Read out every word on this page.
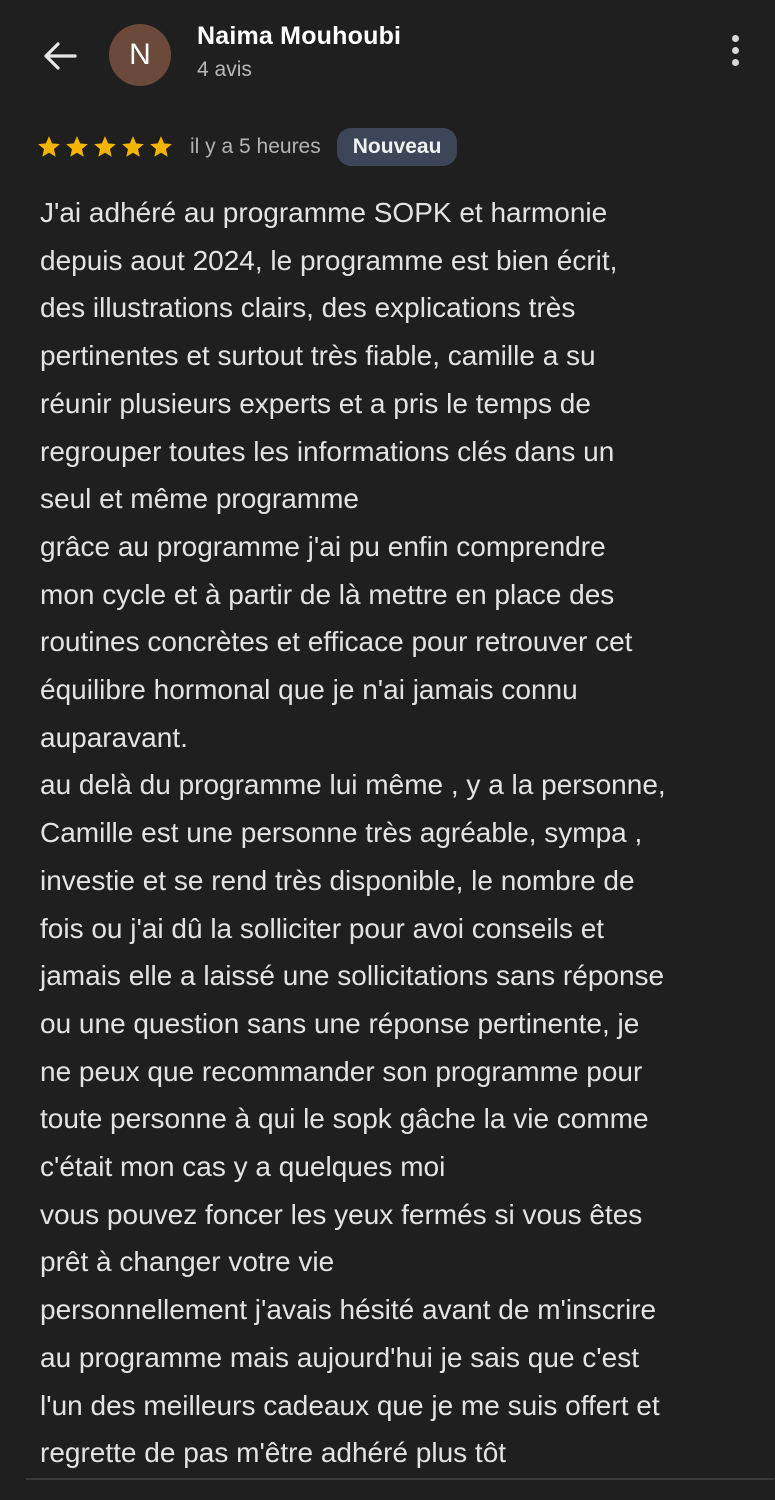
N
Naima Mouhoubi
4 avis
il y a 5 heures	Nouveau

J'ai adhéré au programme SOPK et harmonie
depuis aout 2024, le programme est bien écrit,
des illustrations clairs, des explications très
pertinentes et surtout très fiable, camille a su
réunir plusieurs experts et a pris le temps de
regrouper toutes les informations clés dans un
seul et même programme
grâce au programme j'ai pu enfin comprendre
mon cycle et à partir de là mettre en place des
routines concrètes et efficace pour retrouver cet
équilibre hormonal que je n'ai jamais connu
auparavant.
au delà du programme lui même , y a la personne,
Camille est une personne très agréable, sympa ,
investie et se rend très disponible, le nombre de
fois ou j'ai dû la solliciter pour avoi conseils et
jamais elle a laissé une sollicitations sans réponse
ou une question sans une réponse pertinente, je
ne peux que recommander son programme pour
toute personne à qui le sopk gâche la vie comme
c'était mon cas y a quelques moi
vous pouvez foncer les yeux fermés si vous êtes
prêt à changer votre vie
personnellement j'avais hésité avant de m'inscrire
au programme mais aujourd'hui je sais que c'est
l'un des meilleurs cadeaux que je me suis offert et
regrette de pas m'être adhéré plus tôt
